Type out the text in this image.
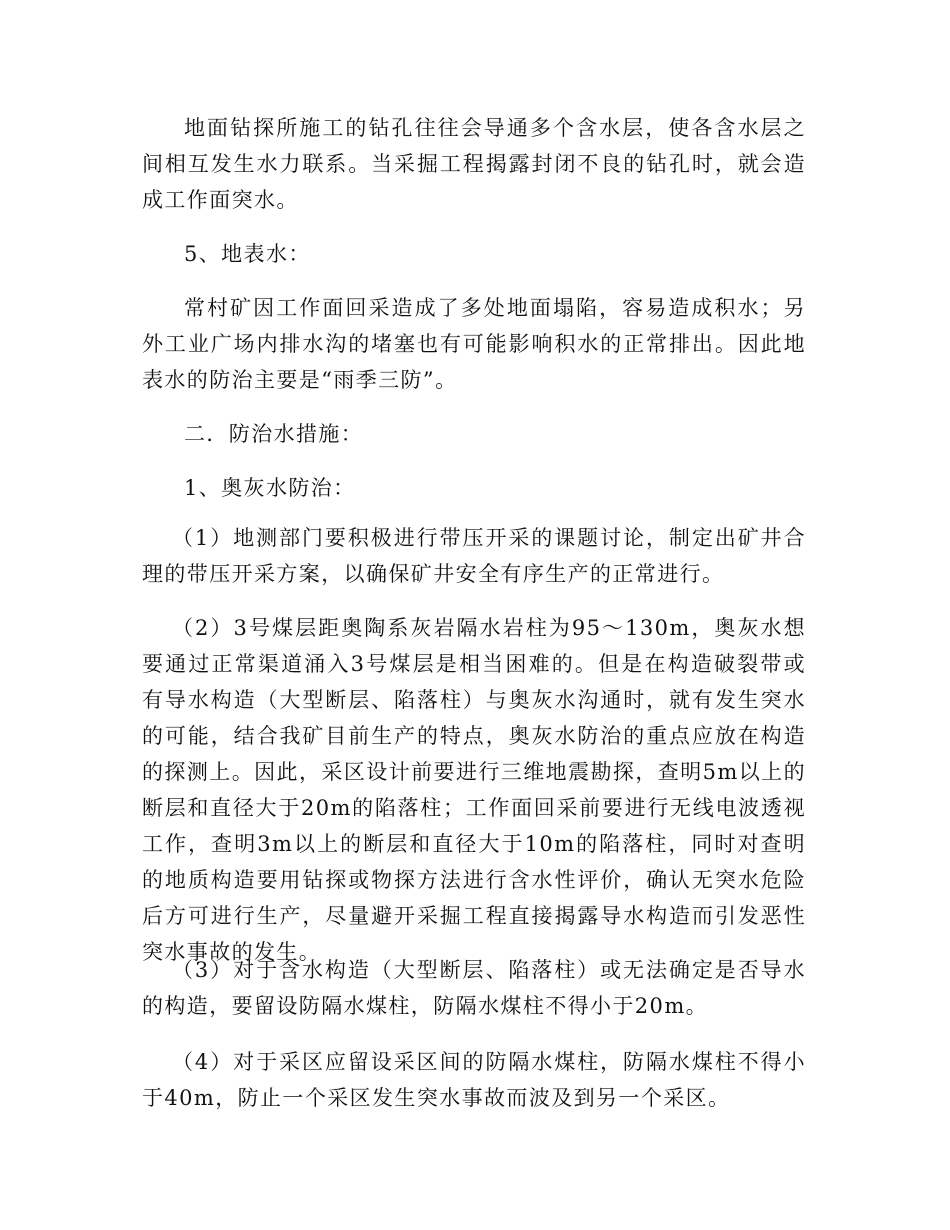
地面钻探所施工的钻孔往往会导通多个含水层，使各含水层之间相互发生水力联系。当采掘工程揭露封闭不良的钻孔时，就会造成工作面突水。

5、地表水：

常村矿因工作面回采造成了多处地面塌陷，容易造成积水；另外工业广场内排水沟的堵塞也有可能影响积水的正常排出。因此地表水的防治主要是“雨季三防”。

二．防治水措施：

1、奥灰水防治：

（1）地测部门要积极进行带压开采的课题讨论，制定出矿井合理的带压开采方案，以确保矿井安全有序生产的正常进行。

（2）3号煤层距奥陶系灰岩隔水岩柱为95～130m，奥灰水想要通过正常渠道涌入3号煤层是相当困难的。但是在构造破裂带或有导水构造（大型断层、陷落柱）与奥灰水沟通时，就有发生突水的可能，结合我矿目前生产的特点，奥灰水防治的重点应放在构造的探测上。因此，采区设计前要进行三维地震勘探，查明5m以上的断层和直径大于20m的陷落柱；工作面回采前要进行无线电波透视工作，查明3m以上的断层和直径大于10m的陷落柱，同时对查明的地质构造要用钻探或物探方法进行含水性评价，确认无突水危险后方可进行生产，尽量避开采掘工程直接揭露导水构造而引发恶性突水事故的发生。

（3）对于含水构造（大型断层、陷落柱）或无法确定是否导水的构造，要留设防隔水煤柱，防隔水煤柱不得小于20m。

（4）对于采区应留设采区间的防隔水煤柱，防隔水煤柱不得小于40m，防止一个采区发生突水事故而波及到另一个采区。
